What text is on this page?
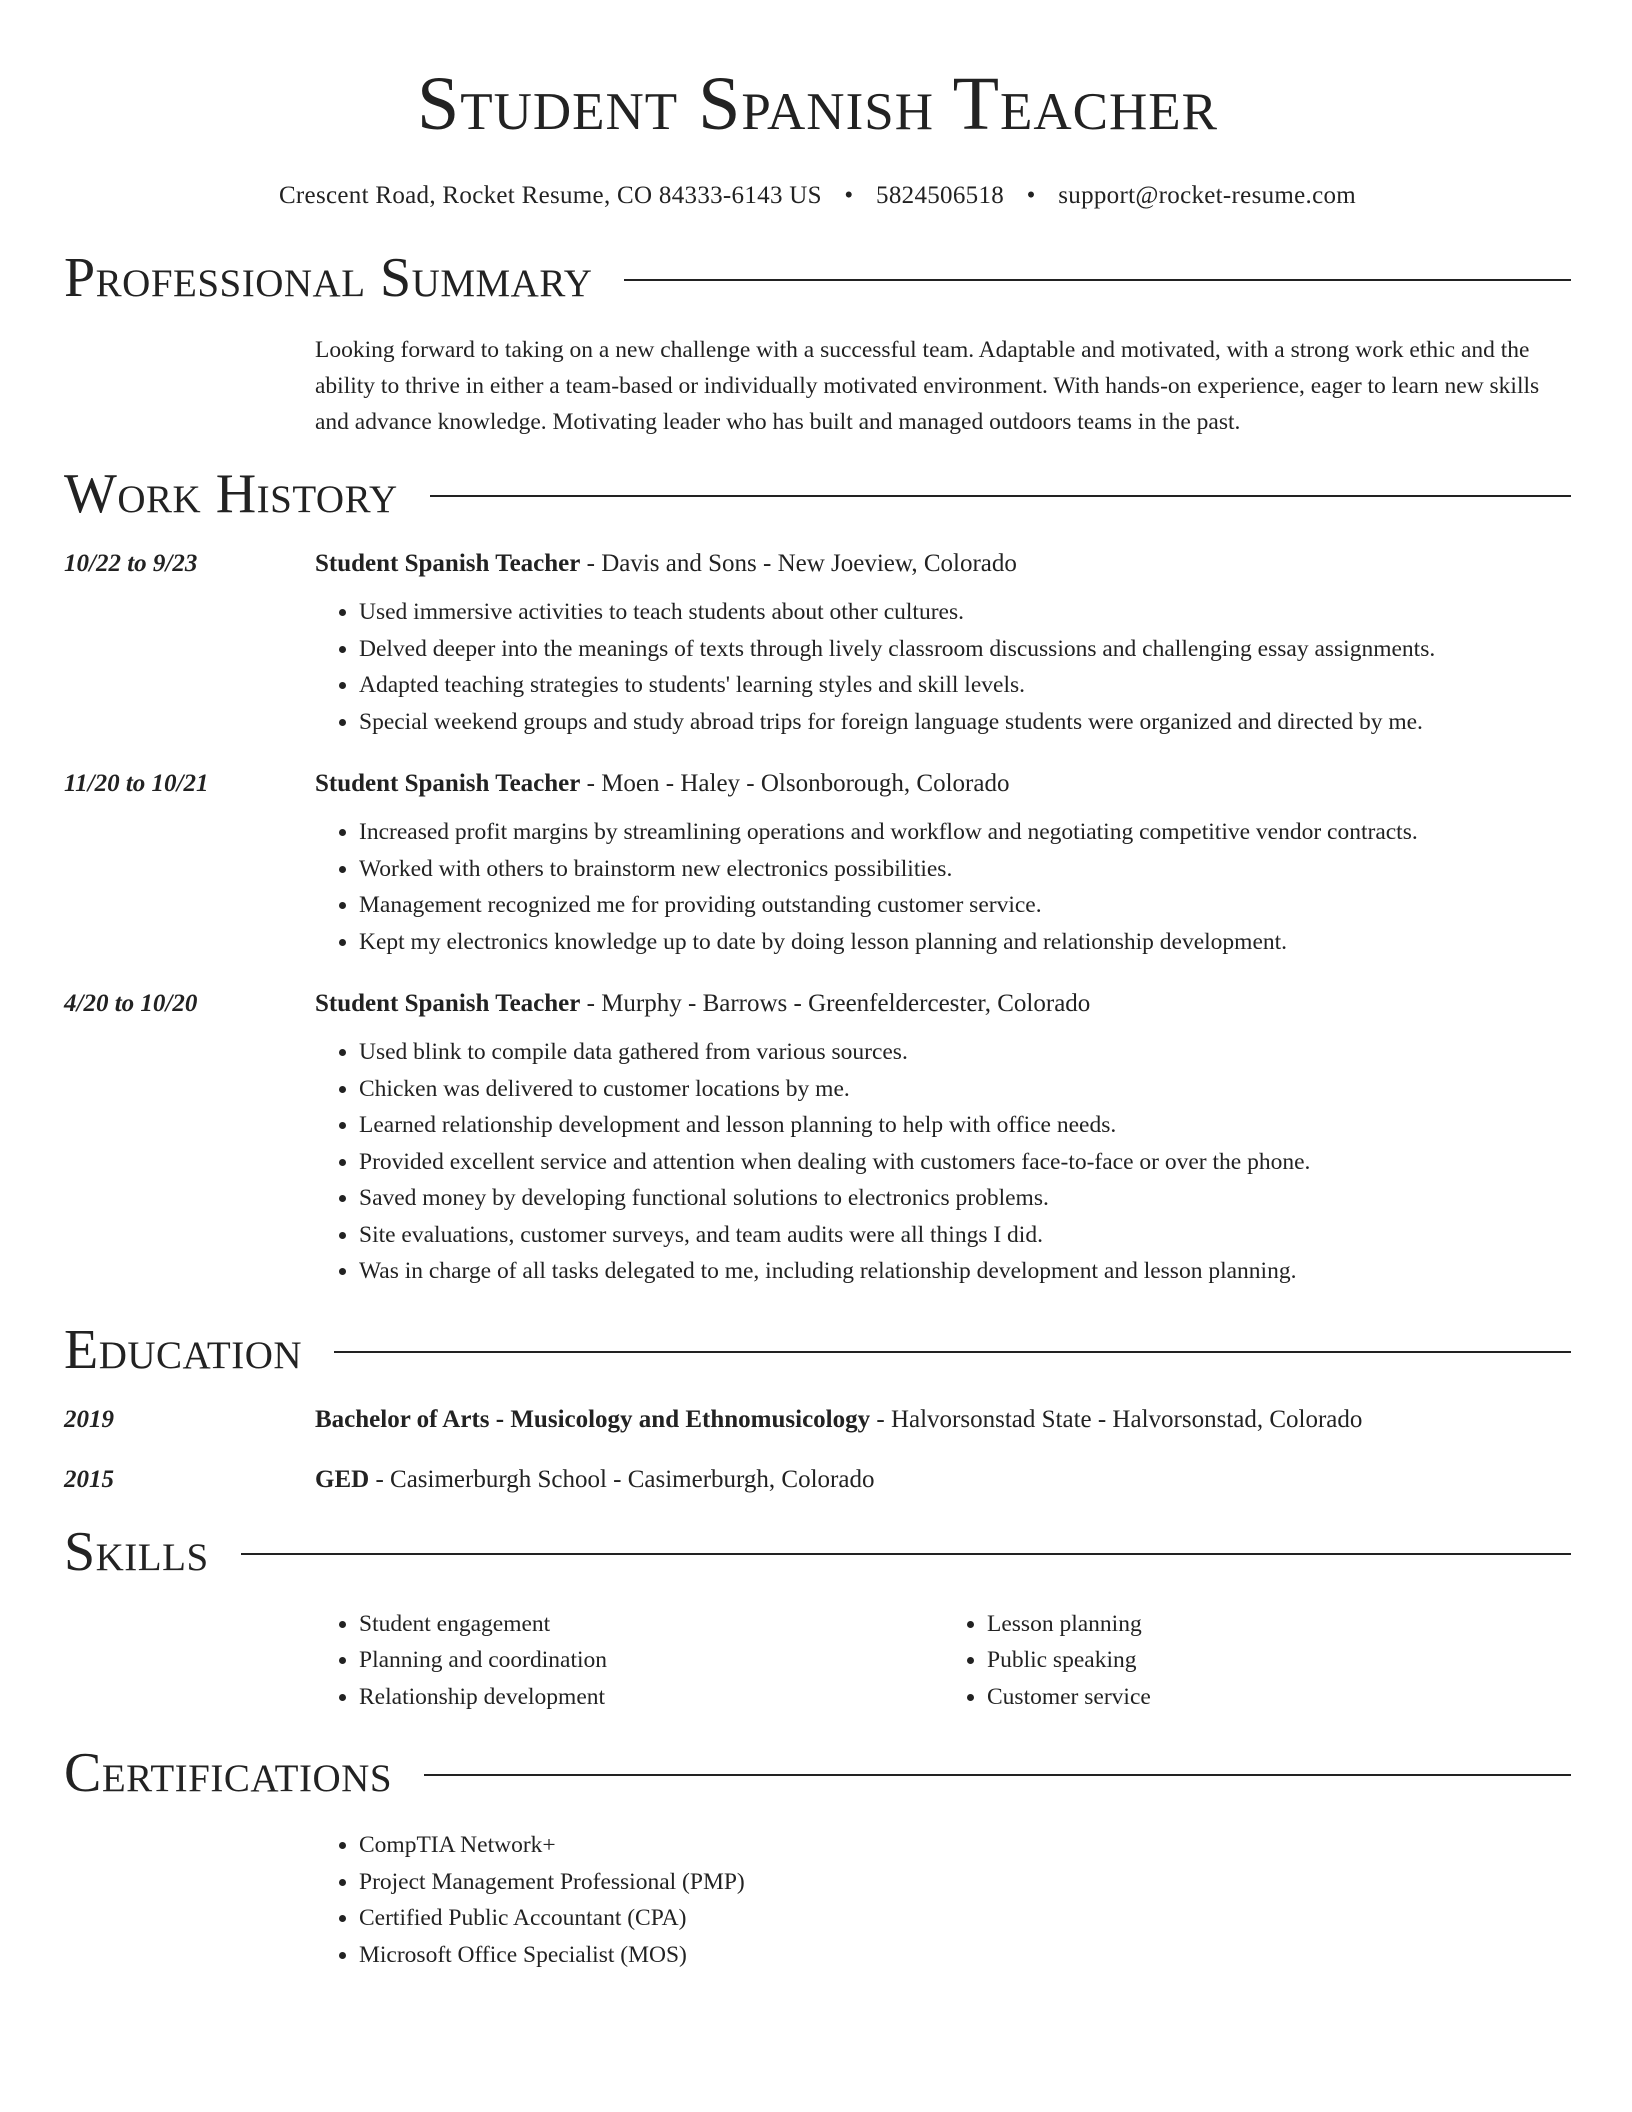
Student Spanish Teacher
Crescent Road, Rocket Resume, CO 84333-6143 US • 5824506518 • support@rocket-resume.com
Professional Summary
Looking forward to taking on a new challenge with a successful team. Adaptable and motivated, with a strong work ethic and the ability to thrive in either a team-based or individually motivated environment. With hands-on experience, eager to learn new skills and advance knowledge. Motivating leader who has built and managed outdoors teams in the past.
Work History
10/22 to 9/23	Student Spanish Teacher - Davis and Sons - New Joeview, Colorado
• Used immersive activities to teach students about other cultures.
• Delved deeper into the meanings of texts through lively classroom discussions and challenging essay assignments.
• Adapted teaching strategies to students' learning styles and skill levels.
• Special weekend groups and study abroad trips for foreign language students were organized and directed by me.
11/20 to 10/21	Student Spanish Teacher - Moen - Haley - Olsonborough, Colorado
• Increased profit margins by streamlining operations and workflow and negotiating competitive vendor contracts.
• Worked with others to brainstorm new electronics possibilities.
• Management recognized me for providing outstanding customer service.
• Kept my electronics knowledge up to date by doing lesson planning and relationship development.
4/20 to 10/20	Student Spanish Teacher - Murphy - Barrows - Greenfeldercester, Colorado
• Used blink to compile data gathered from various sources.
• Chicken was delivered to customer locations by me.
• Learned relationship development and lesson planning to help with office needs.
• Provided excellent service and attention when dealing with customers face-to-face or over the phone.
• Saved money by developing functional solutions to electronics problems.
• Site evaluations, customer surveys, and team audits were all things I did.
• Was in charge of all tasks delegated to me, including relationship development and lesson planning.
Education
2019	Bachelor of Arts - Musicology and Ethnomusicology - Halvorsonstad State - Halvorsonstad, Colorado
2015	GED - Casimerburgh School - Casimerburgh, Colorado
Skills
• Student engagement
• Planning and coordination
• Relationship development
• Lesson planning
• Public speaking
• Customer service
Certifications
• CompTIA Network+
• Project Management Professional (PMP)
• Certified Public Accountant (CPA)
• Microsoft Office Specialist (MOS)
